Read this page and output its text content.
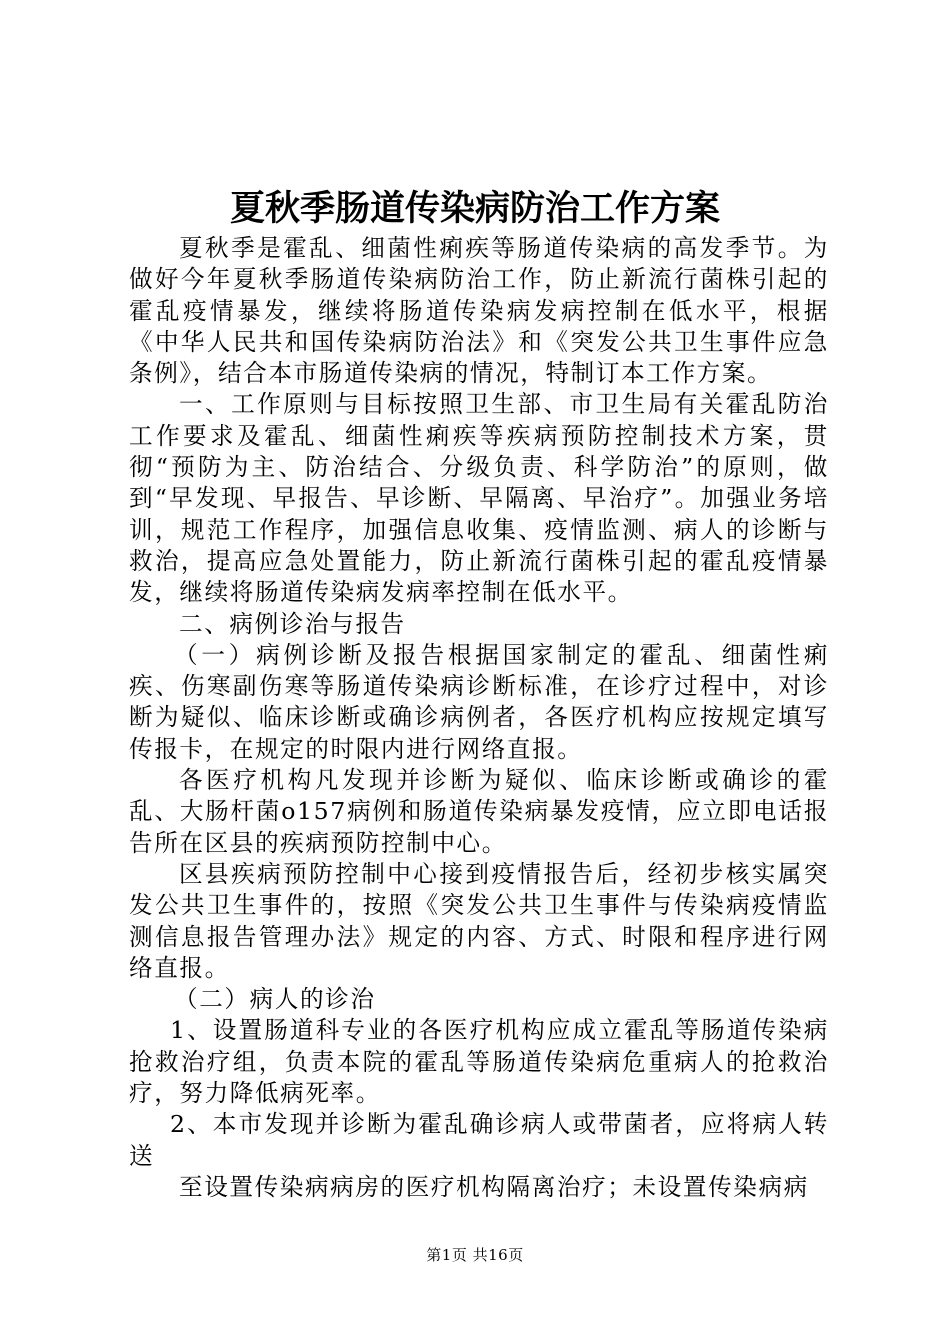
夏秋季肠道传染病防治工作方案

夏秋季是霍乱、细菌性痢疾等肠道传染病的高发季节。为做好今年夏秋季肠道传染病防治工作，防止新流行菌株引起的霍乱疫情暴发，继续将肠道传染病发病控制在低水平，根据《中华人民共和国传染病防治法》和《突发公共卫生事件应急条例》，结合本市肠道传染病的情况，特制订本工作方案。

一、工作原则与目标按照卫生部、市卫生局有关霍乱防治工作要求及霍乱、细菌性痢疾等疾病预防控制技术方案，贯彻“预防为主、防治结合、分级负责、科学防治”的原则，做到“早发现、早报告、早诊断、早隔离、早治疗”。加强业务培训，规范工作程序，加强信息收集、疫情监测、病人的诊断与救治，提高应急处置能力，防止新流行菌株引起的霍乱疫情暴发，继续将肠道传染病发病率控制在低水平。

二、病例诊治与报告

（一）病例诊断及报告根据国家制定的霍乱、细菌性痢疾、伤寒副伤寒等肠道传染病诊断标准，在诊疗过程中，对诊断为疑似、临床诊断或确诊病例者，各医疗机构应按规定填写传报卡，在规定的时限内进行网络直报。

各医疗机构凡发现并诊断为疑似、临床诊断或确诊的霍乱、大肠杆菌o157病例和肠道传染病暴发疫情，应立即电话报告所在区县的疾病预防控制中心。

区县疾病预防控制中心接到疫情报告后，经初步核实属突发公共卫生事件的，按照《突发公共卫生事件与传染病疫情监测信息报告管理办法》规定的内容、方式、时限和程序进行网络直报。

（二）病人的诊治

1、设置肠道科专业的各医疗机构应成立霍乱等肠道传染病抢救治疗组，负责本院的霍乱等肠道传染病危重病人的抢救治疗，努力降低病死率。

2、本市发现并诊断为霍乱确诊病人或带菌者，应将病人转送

至设置传染病病房的医疗机构隔离治疗；未设置传染病病

第1页 共16页
